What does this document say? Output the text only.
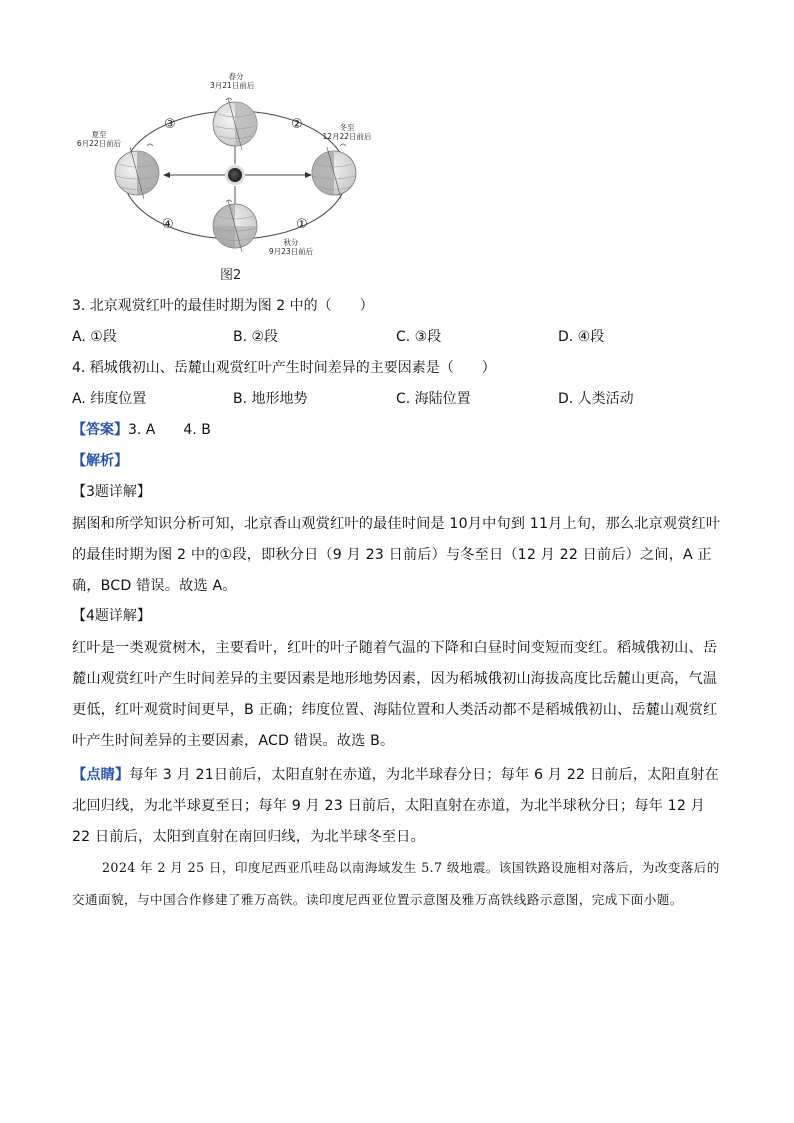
春分
3月21日前后
夏至
6月22日前后
冬至
12月22日前后
秋分
9月23日前后
③	②
④	①
图2
3. 北京观赏红叶的最佳时期为图 2 中的（　　）
A. ①段	B. ②段	C. ③段	D. ④段
4. 稻城俄初山、岳麓山观赏红叶产生时间差异的主要因素是（　　）
A. 纬度位置	B. 地形地势	C. 海陆位置	D. 人类活动
【答案】3. A　　4. B
【解析】
【3题详解】
据图和所学知识分析可知，北京香山观赏红叶的最佳时间是 10月中旬到 11月上旬，那么北京观赏红叶的最佳时期为图 2 中的①段，即秋分日（9 月 23 日前后）与冬至日（12 月 22 日前后）之间，A 正确，BCD 错误。故选 A。
【4题详解】
红叶是一类观赏树木，主要看叶，红叶的叶子随着气温的下降和白昼时间变短而变红。稻城俄初山、岳麓山观赏红叶产生时间差异的主要因素是地形地势因素，因为稻城俄初山海拔高度比岳麓山更高，气温更低，红叶观赏时间更早，B 正确；纬度位置、海陆位置和人类活动都不是稻城俄初山、岳麓山观赏红叶产生时间差异的主要因素，ACD 错误。故选 B。
【点睛】每年 3 月 21日前后，太阳直射在赤道，为北半球春分日；每年 6 月 22 日前后，太阳直射在北回归线，为北半球夏至日；每年 9 月 23 日前后，太阳直射在赤道，为北半球秋分日；每年 12 月 22 日前后，太阳到直射在南回归线，为北半球冬至日。
2024 年 2 月 25 日，印度尼西亚爪哇岛以南海域发生 5.7 级地震。该国铁路设施相对落后，为改变落后的交通面貌，与中国合作修建了雅万高铁。读印度尼西亚位置示意图及雅万高铁线路示意图，完成下面小题。
